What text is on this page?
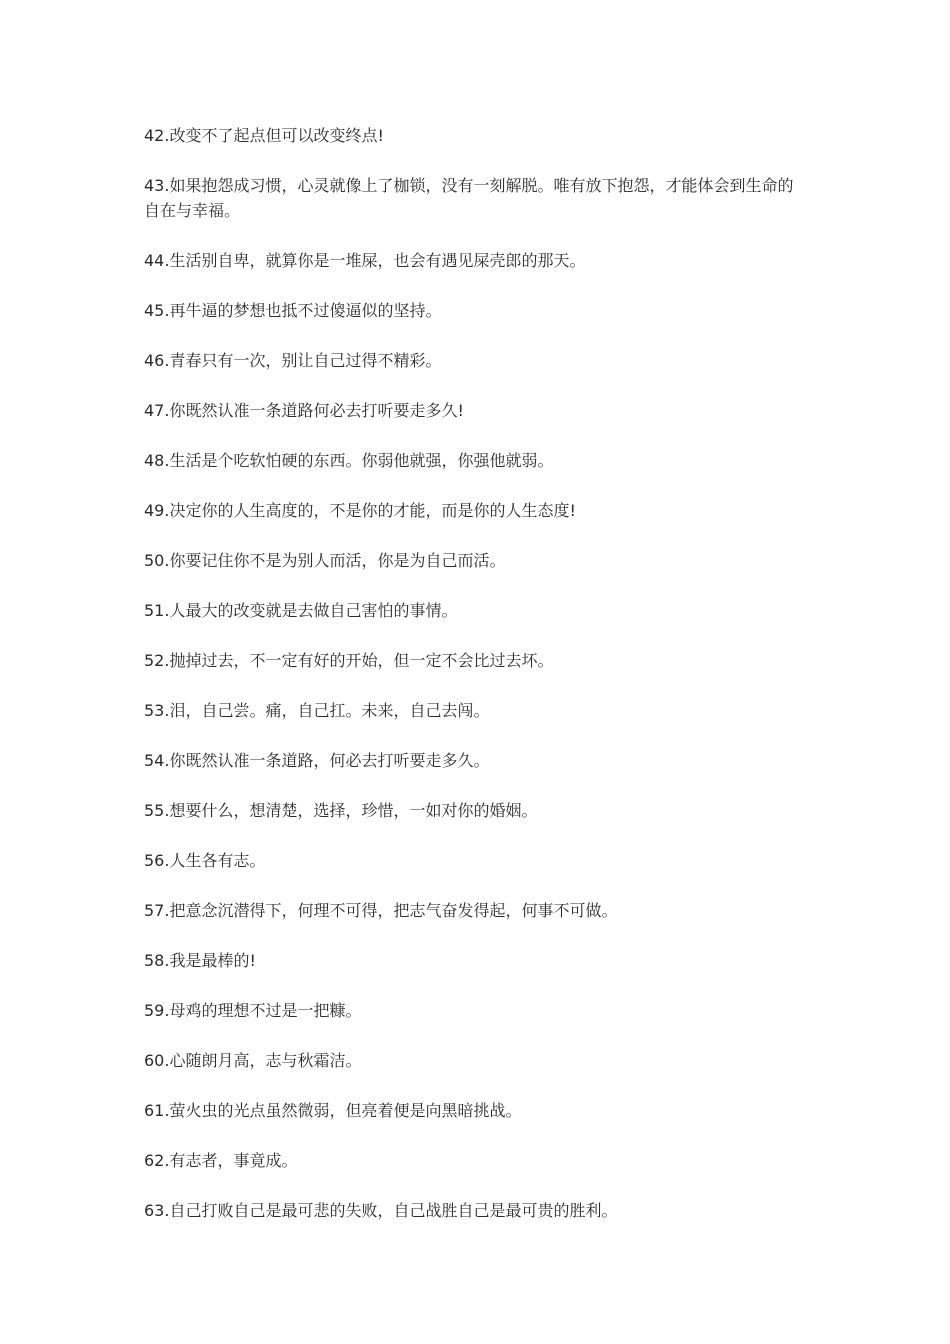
42.改变不了起点但可以改变终点!

43.如果抱怨成习惯，心灵就像上了枷锁，没有一刻解脱。唯有放下抱怨，才能体会到生命的自在与幸福。

44.生活别自卑，就算你是一堆屎，也会有遇见屎壳郎的那天。

45.再牛逼的梦想也抵不过傻逼似的坚持。

46.青春只有一次，别让自己过得不精彩。

47.你既然认准一条道路何必去打听要走多久!

48.生活是个吃软怕硬的东西。你弱他就强，你强他就弱。

49.决定你的人生高度的，不是你的才能，而是你的人生态度!

50.你要记住你不是为别人而活，你是为自己而活。

51.人最大的改变就是去做自己害怕的事情。

52.抛掉过去，不一定有好的开始，但一定不会比过去坏。

53.泪，自己尝。痛，自己扛。未来，自己去闯。

54.你既然认准一条道路，何必去打听要走多久。

55.想要什么，想清楚，选择，珍惜，一如对你的婚姻。

56.人生各有志。

57.把意念沉潜得下，何理不可得，把志气奋发得起，何事不可做。

58.我是最棒的!

59.母鸡的理想不过是一把糠。

60.心随朗月高，志与秋霜洁。

61.萤火虫的光点虽然微弱，但亮着便是向黑暗挑战。

62.有志者，事竟成。

63.自己打败自己是最可悲的失败，自己战胜自己是最可贵的胜利。
